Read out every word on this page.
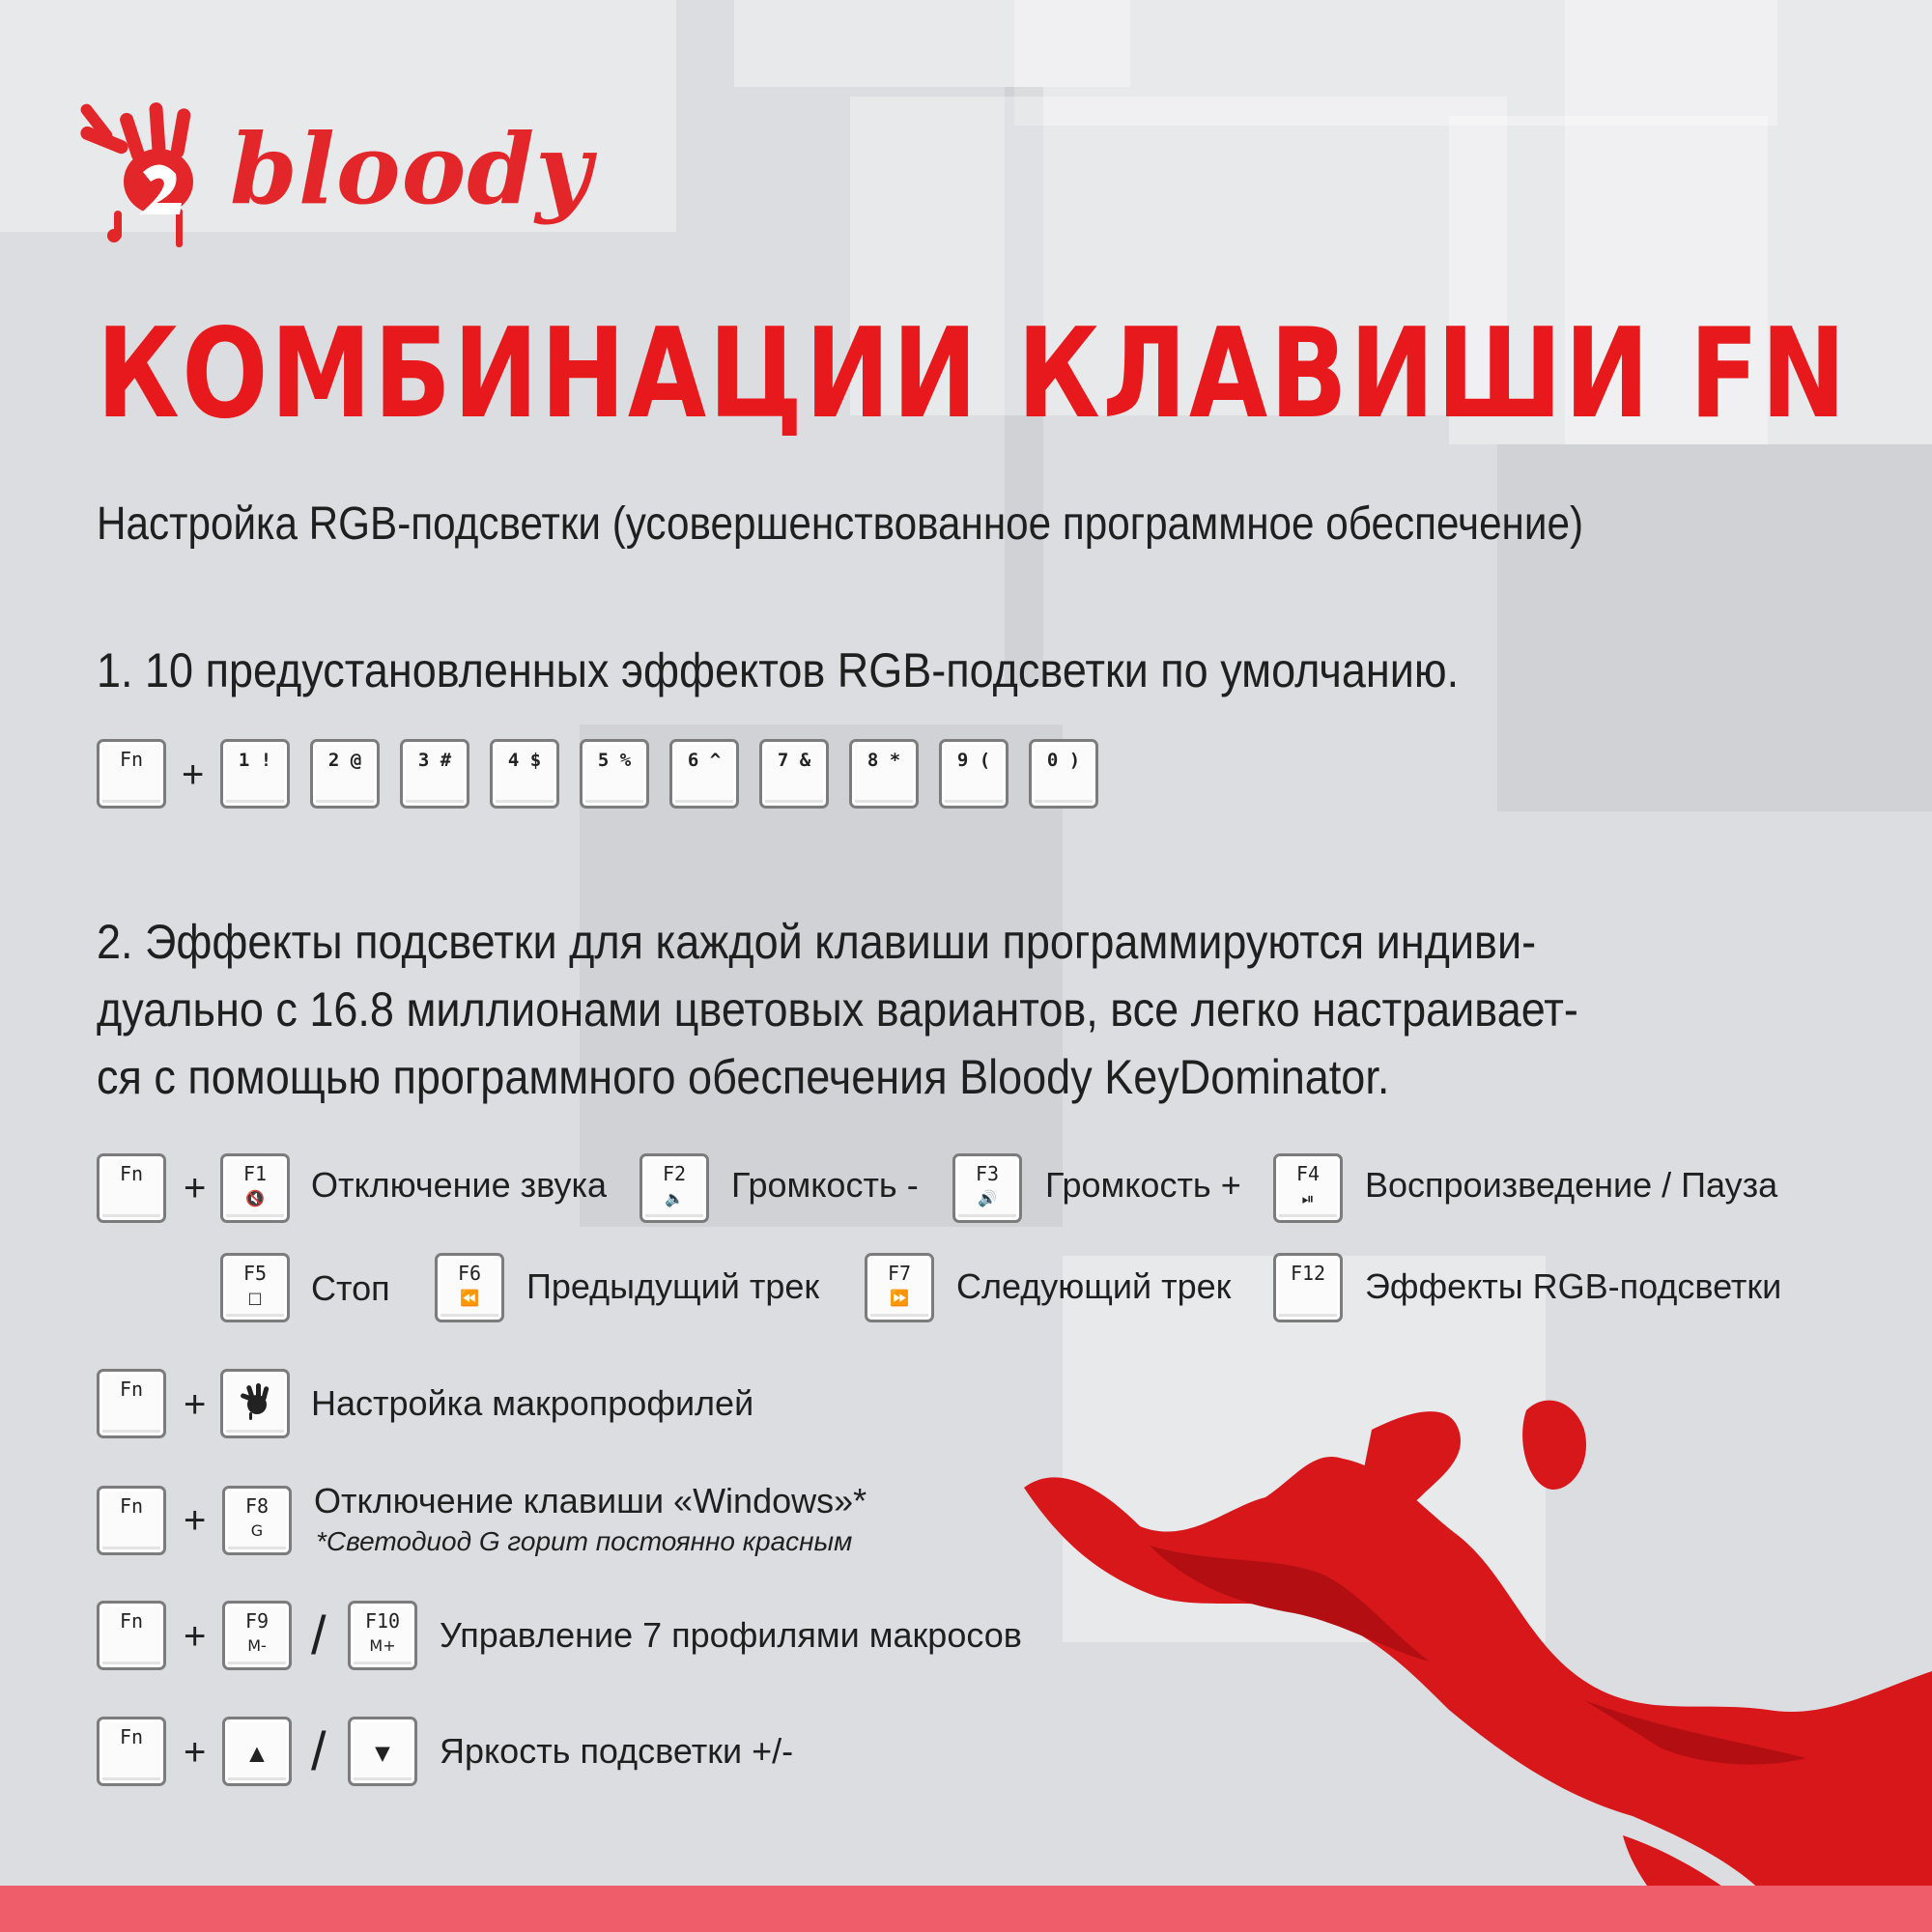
bloody
КОМБИНАЦИИ КЛАВИШИ FN
Настройка RGB-подсветки (усовершенствованное программное обеспечение)
1. 10 предустановленных эффектов RGB-подсветки по умолчанию.
Fn +
2. Эффекты подсветки для каждой клавиши программируются индиви-
дуально с 16.8 миллионами цветовых вариантов, все легко настраивает-
ся с помощью программного обеспечения Bloody KeyDominator.
Fn	+	F1
🔇	Отключение звука	F2
🔈	Громкость -	F3
🔊	Громкость +	F4
⏯	Воспроизведение / Пауза
F5
□	Стоп	F6
⏪	Предыдущий трек	F7
⏩	Следующий трек	F12	Эффекты RGB-подсветки
Fn	+	Настройка макропрофилей
Fn	+	F8
G
Отключение клавиши «Windows»*
*Светодиод G горит постоянно красным
Fn	+	F9
M- /	F10
M+	Управление 7 профилями макросов
Fn	+	▲ /	▼	Яркость подсветки +/-
1 !	2 @	3 #	4 $	5 %	6 ^	7 &	8 *	9 (	0 )
